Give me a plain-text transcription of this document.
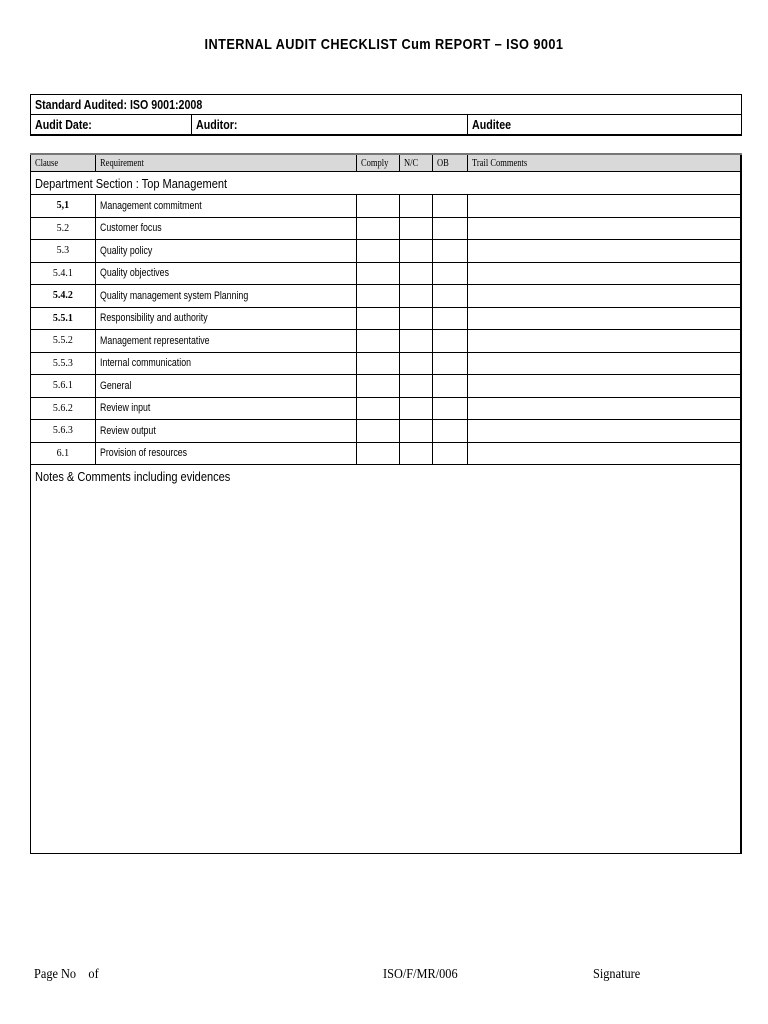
INTERNAL AUDIT CHECKLIST Cum REPORT – ISO 9001
Standard Audited: ISO 9001:2008
Audit Date:	Auditor:	Auditee
Clause	Requirement	Comply	N/C	OB	Trail Comments
Department Section : Top Management					
5,1	Management commitment				
5.2	Customer focus				
5.3	Quality policy				
5.4.1	Quality objectives				
5.4.2	Quality management system Planning				
5.5.1	Responsibility and authority				
5.5.2	Management representative				
5.5.3	Internal communication				
5.6.1	General				
5.6.2	Review input				
5.6.3	Review output				
6.1	Provision of resources				
Notes & Comments including evidences					
Page No of	ISO/F/MR/006	Signature
